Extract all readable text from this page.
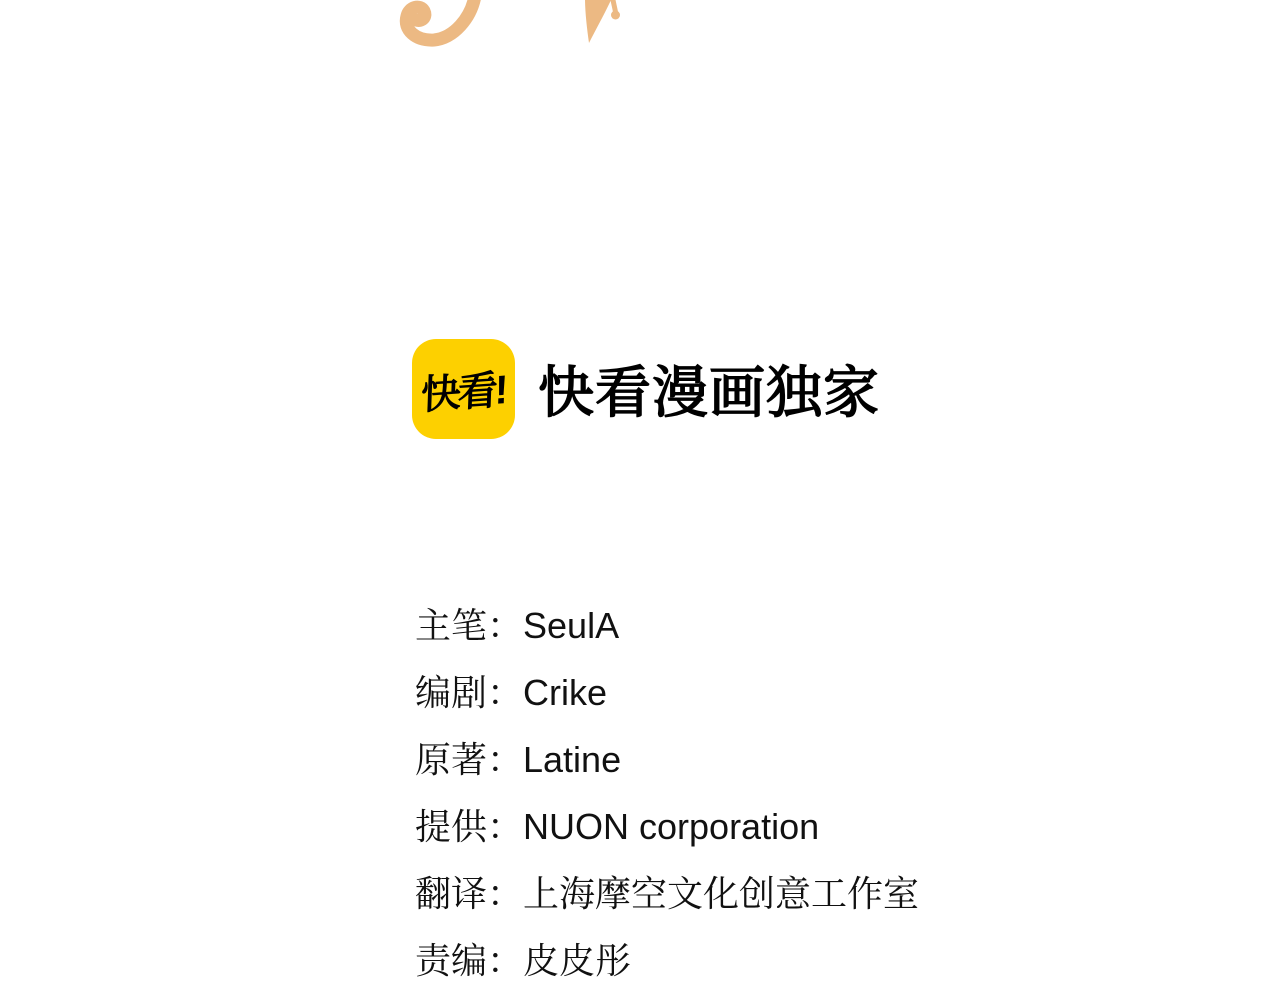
快看! 快看漫画独家
主笔： SeulA
编剧： Crike
原著： Latine
提供： NUON corporation
翻译： 上海摩空文化创意工作室
责编： 皮皮彤
